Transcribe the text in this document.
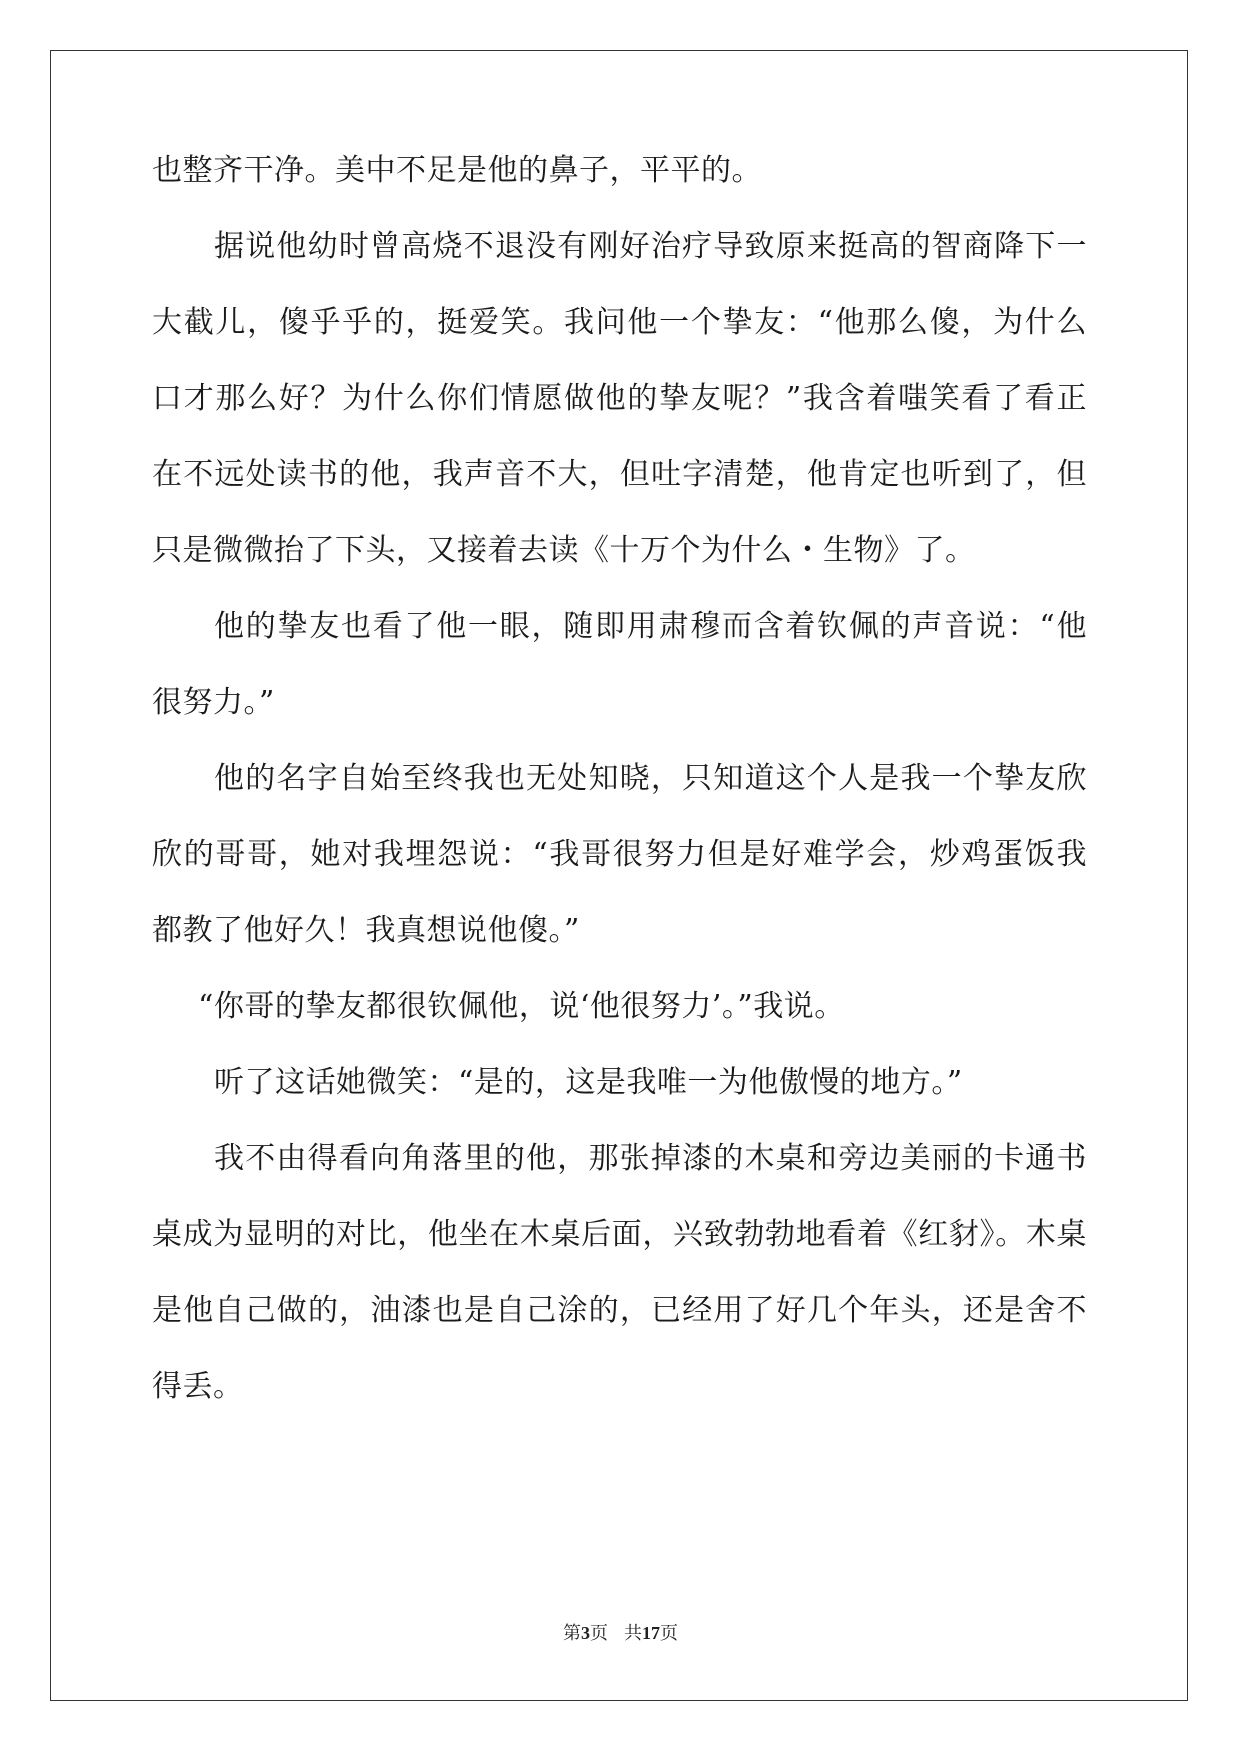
也整齐干净。美中不足是他的鼻子，平平的。
据说他幼时曾高烧不退没有刚好治疗导致原来挺高的智商降下一
大截儿，傻乎乎的，挺爱笑。我问他一个挚友：“他那么傻，为什么
口才那么好？为什么你们情愿做他的挚友呢？”我含着嗤笑看了看正
在不远处读书的他，我声音不大，但吐字清楚，他肯定也听到了，但
只是微微抬了下头，又接着去读《十万个为什么・生物》了。
他的挚友也看了他一眼，随即用肃穆而含着钦佩的声音说：“他
很努力。”
他的名字自始至终我也无处知晓，只知道这个人是我一个挚友欣
欣的哥哥，她对我埋怨说：“我哥很努力但是好难学会，炒鸡蛋饭我
都教了他好久！我真想说他傻。”
“你哥的挚友都很钦佩他，说‘他很努力’。”我说。
听了这话她微笑：“是的，这是我唯一为他傲慢的地方。”
我不由得看向角落里的他，那张掉漆的木桌和旁边美丽的卡通书
桌成为显明的对比，他坐在木桌后面，兴致勃勃地看着《红豺》。木桌
是他自己做的，油漆也是自己涂的，已经用了好几个年头，还是舍不
得丢。
第3页 共17页
